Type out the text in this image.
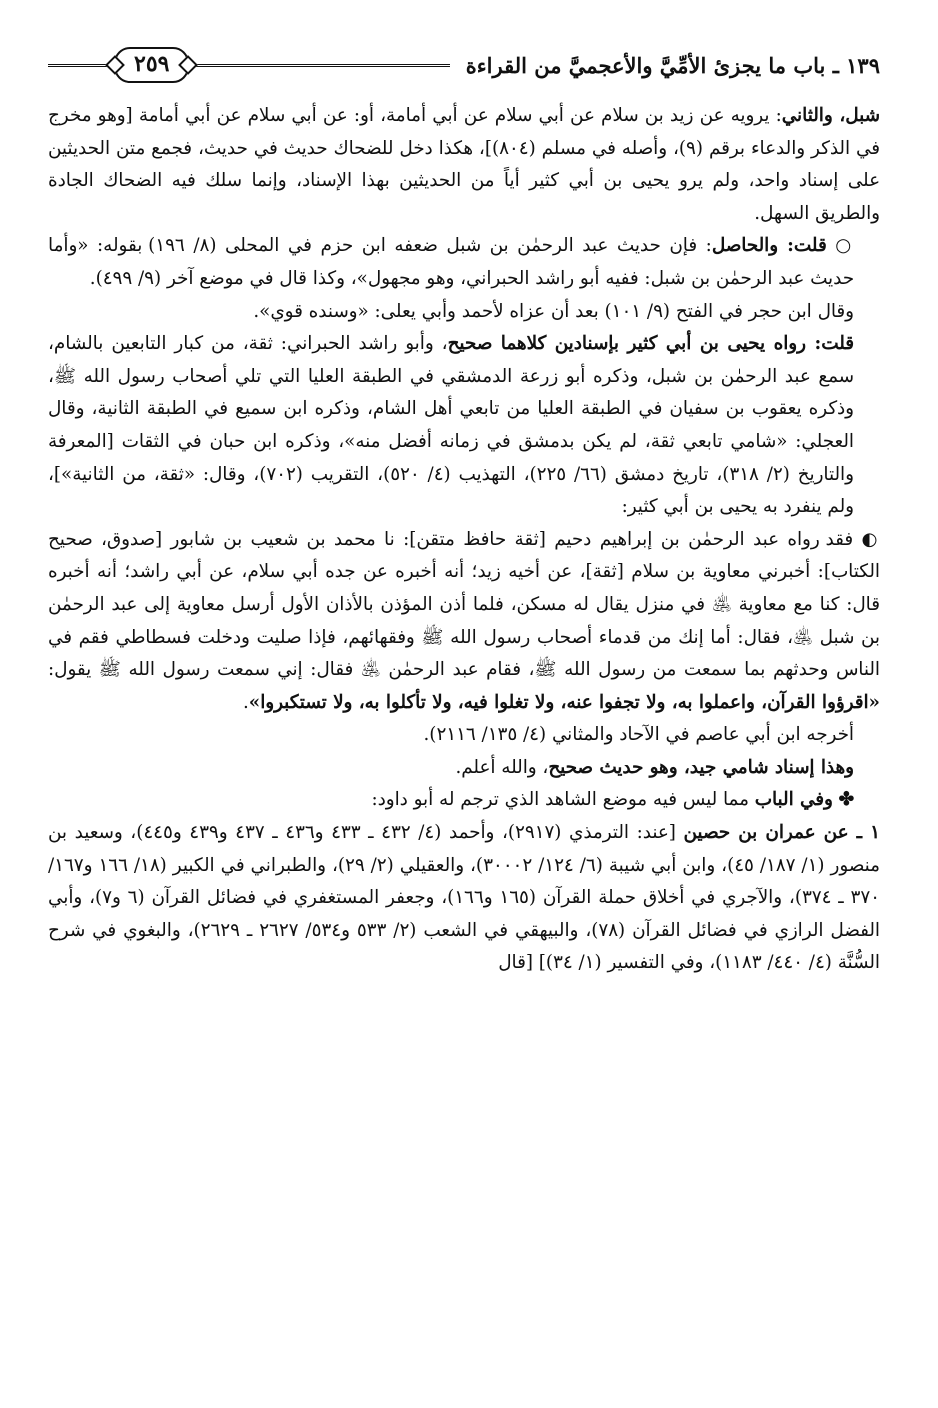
١٣٩ ـ باب ما يجزئ الأمِّيَّ والأعجميَّ من القراءة
٢٥٩

شبل، والثاني: يرويه عن زيد بن سلام عن أبي سلام عن أبي أمامة، أو: عن أبي سلام عن أبي أمامة [وهو مخرج في الذكر والدعاء برقم (٩)، وأصله في مسلم (٨٠٤)]، هكذا دخل للضحاك حديث في حديث، فجمع متن الحديثين على إسناد واحد، ولم يرو يحيى بن أبي كثير أياً من الحديثين بهذا الإسناد، وإنما سلك فيه الضحاك الجادة والطريق السهل.

○ قلت: والحاصل: فإن حديث عبد الرحمٰن بن شبل ضعفه ابن حزم في المحلى (٨/ ١٩٦) بقوله: «وأما حديث عبد الرحمٰن بن شبل: ففيه أبو راشد الحبراني، وهو مجهول»، وكذا قال في موضع آخر (٩/ ٤٩٩).

وقال ابن حجر في الفتح (٩/ ١٠١) بعد أن عزاه لأحمد وأبي يعلى: «وسنده قوي».

قلت: رواه يحيى بن أبي كثير بإسنادين كلاهما صحيح، وأبو راشد الحبراني: ثقة، من كبار التابعين بالشام، سمع عبد الرحمٰن بن شبل، وذكره أبو زرعة الدمشقي في الطبقة العليا التي تلي أصحاب رسول الله ﷺ، وذكره يعقوب بن سفيان في الطبقة العليا من تابعي أهل الشام، وذكره ابن سميع في الطبقة الثانية، وقال العجلي: «شامي تابعي ثقة، لم يكن بدمشق في زمانه أفضل منه»، وذكره ابن حبان في الثقات [المعرفة والتاريخ (٢/ ٣١٨)، تاريخ دمشق (٦٦/ ٢٢٥)، التهذيب (٤/ ٥٢٠)، التقريب (٧٠٢)، وقال: «ثقة، من الثانية»]، ولم ينفرد به يحيى بن أبي كثير:

◐ فقد رواه عبد الرحمٰن بن إبراهيم دحيم [ثقة حافظ متقن]: نا محمد بن شعيب بن شابور [صدوق، صحيح الكتاب]: أخبرني معاوية بن سلام [ثقة]، عن أخيه زيد؛ أنه أخبره عن جده أبي سلام، عن أبي راشد؛ أنه أخبره قال: كنا مع معاوية ﵁ في منزل يقال له مسكن، فلما أذن المؤذن بالأذان الأول أرسل معاوية إلى عبد الرحمٰن بن شبل ﵁، فقال: أما إنك من قدماء أصحاب رسول الله ﷺ وفقهائهم، فإذا صليت ودخلت فسطاطي فقم في الناس وحدثهم بما سمعت من رسول الله ﷺ، فقام عبد الرحمٰن ﵁ فقال: إني سمعت رسول الله ﷺ يقول: «اقرؤوا القرآن، واعملوا به، ولا تجفوا عنه، ولا تغلوا فيه، ولا تأكلوا به، ولا تستكبروا».

أخرجه ابن أبي عاصم في الآحاد والمثاني (٤/ ١٣٥/ ٢١١٦).

وهذا إسناد شامي جيد، وهو حديث صحيح، والله أعلم.

✤ وفي الباب مما ليس فيه موضع الشاهد الذي ترجم له أبو داود:

١ ـ عن عمران بن حصين [عند: الترمذي (٢٩١٧)، وأحمد (٤/ ٤٣٢ ـ ٤٣٣ و٤٣٦ ـ ٤٣٧ و٤٣٩ و٤٤٥)، وسعيد بن منصور (١/ ١٨٧/ ٤٥)، وابن أبي شيبة (٦/ ١٢٤/ ٣٠٠٠٢)، والعقيلي (٢/ ٢٩)، والطبراني في الكبير (١٨/ ١٦٦ و١٦٧/ ٣٧٠ ـ ٣٧٤)، والآجري في أخلاق حملة القرآن (١٦٥ و١٦٦)، وجعفر المستغفري في فضائل القرآن (٦ و٧)، وأبي الفضل الرازي في فضائل القرآن (٧٨)، والبيهقي في الشعب (٢/ ٥٣٣ و٥٣٤/ ٢٦٢٧ ـ ٢٦٢٩)، والبغوي في شرح السُّنَّة (٤/ ٤٤٠/ ١١٨٣)، وفي التفسير (١/ ٣٤)] [قال
